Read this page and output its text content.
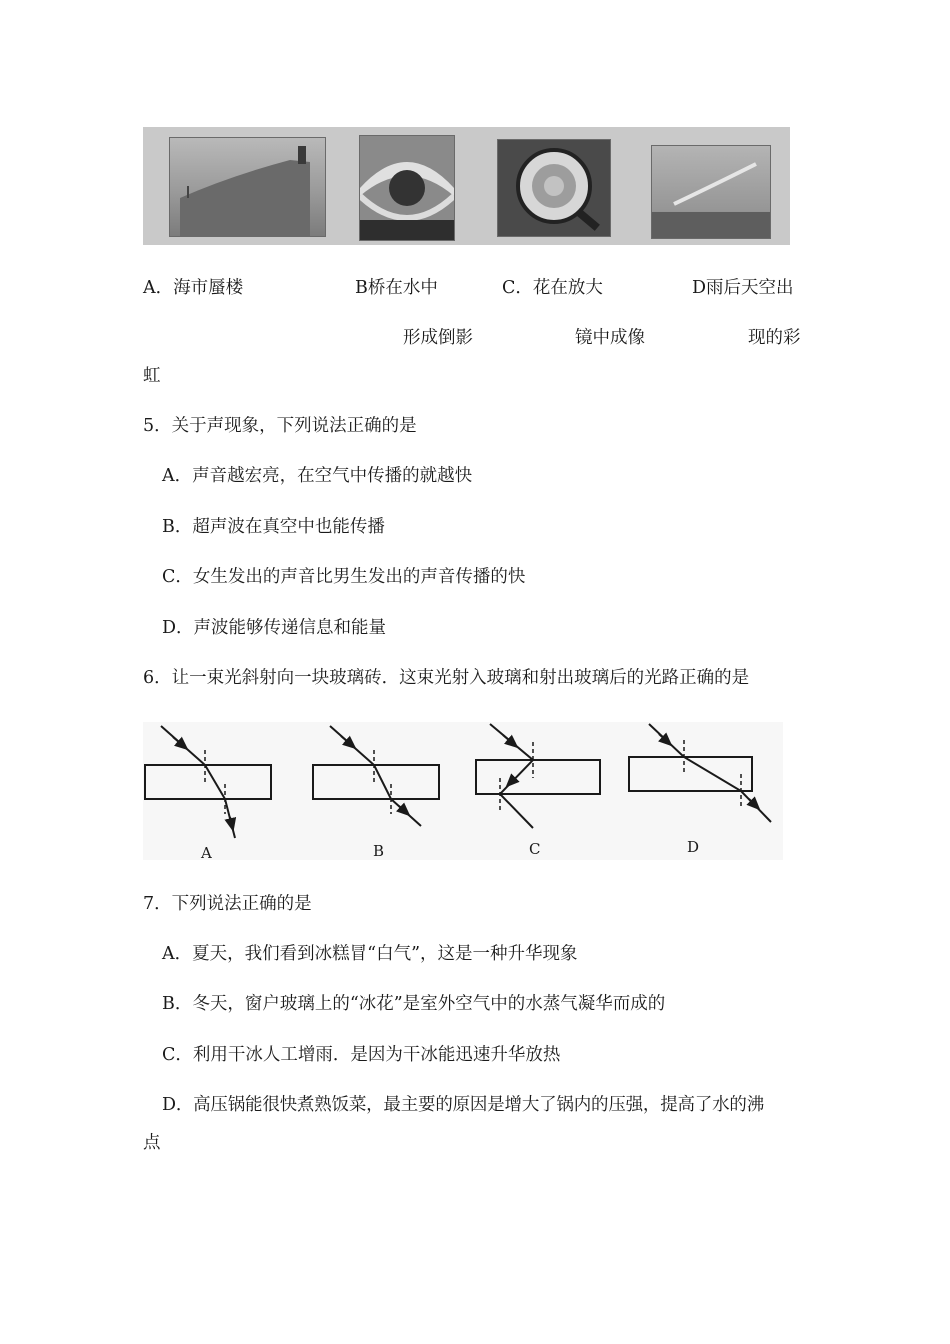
A．海市蜃楼	B桥在水中	C．花在放大	D雨后天空出
形成倒影	镜中成像	现的彩
虹
5．关于声现象，下列说法正确的是
A．声音越宏亮，在空气中传播的就越快
B．超声波在真空中也能传播
C．女生发出的声音比男生发出的声音传播的快
D．声波能够传递信息和能量
6．让一束光斜射向一块玻璃砖．这束光射入玻璃和射出玻璃后的光路正确的是
A	B	C	D
7．下列说法正确的是
A．夏天，我们看到冰糕冒“白气”，这是一种升华现象
B．冬天，窗户玻璃上的“冰花”是室外空气中的水蒸气凝华而成的
C．利用干冰人工增雨．是因为干冰能迅速升华放热
D．高压锅能很快煮熟饭菜，最主要的原因是增大了锅内的压强，提高了水的沸
点
